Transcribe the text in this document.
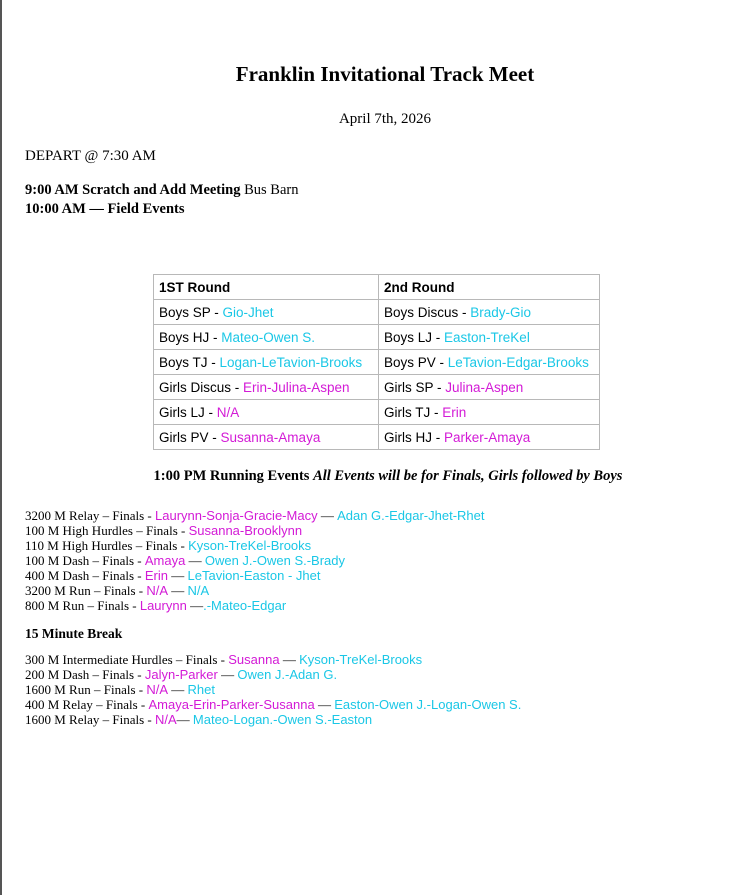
Franklin Invitational Track Meet
April 7th, 2026
DEPART @ 7:30 AM
9:00 AM Scratch and Add Meeting Bus Barn
10:00 AM — Field Events
1ST Round	2nd Round
Boys SP - Gio-Jhet	Boys Discus - Brady-Gio
Boys HJ - Mateo-Owen S.	Boys LJ - Easton-TreKel
Boys TJ - Logan-LeTavion-Brooks	Boys PV - LeTavion-Edgar-Brooks
Girls Discus - Erin-Julina-Aspen	Girls SP - Julina-Aspen
Girls LJ - N/A	Girls TJ - Erin
Girls PV - Susanna-Amaya	Girls HJ - Parker-Amaya
1:00 PM Running Events All Events will be for Finals, Girls followed by Boys
3200 M Relay – Finals - Laurynn-Sonja-Gracie-Macy — Adan G.-Edgar-Jhet-Rhet
100 M High Hurdles – Finals - Susanna-Brooklynn
110 M High Hurdles – Finals - Kyson-TreKel-Brooks
100 M Dash – Finals - Amaya — Owen J.-Owen S.-Brady
400 M Dash – Finals - Erin — LeTavion-Easton - Jhet
3200 M Run – Finals - N/A — N/A
800 M Run – Finals - Laurynn —.-Mateo-Edgar
15 Minute Break
300 M Intermediate Hurdles – Finals - Susanna — Kyson-TreKel-Brooks
200 M Dash – Finals - Jalyn-Parker — Owen J.-Adan G.
1600 M Run – Finals - N/A — Rhet
400 M Relay – Finals - Amaya-Erin-Parker-Susanna — Easton-Owen J.-Logan-Owen S.
1600 M Relay – Finals - N/A— Mateo-Logan.-Owen S.-Easton
